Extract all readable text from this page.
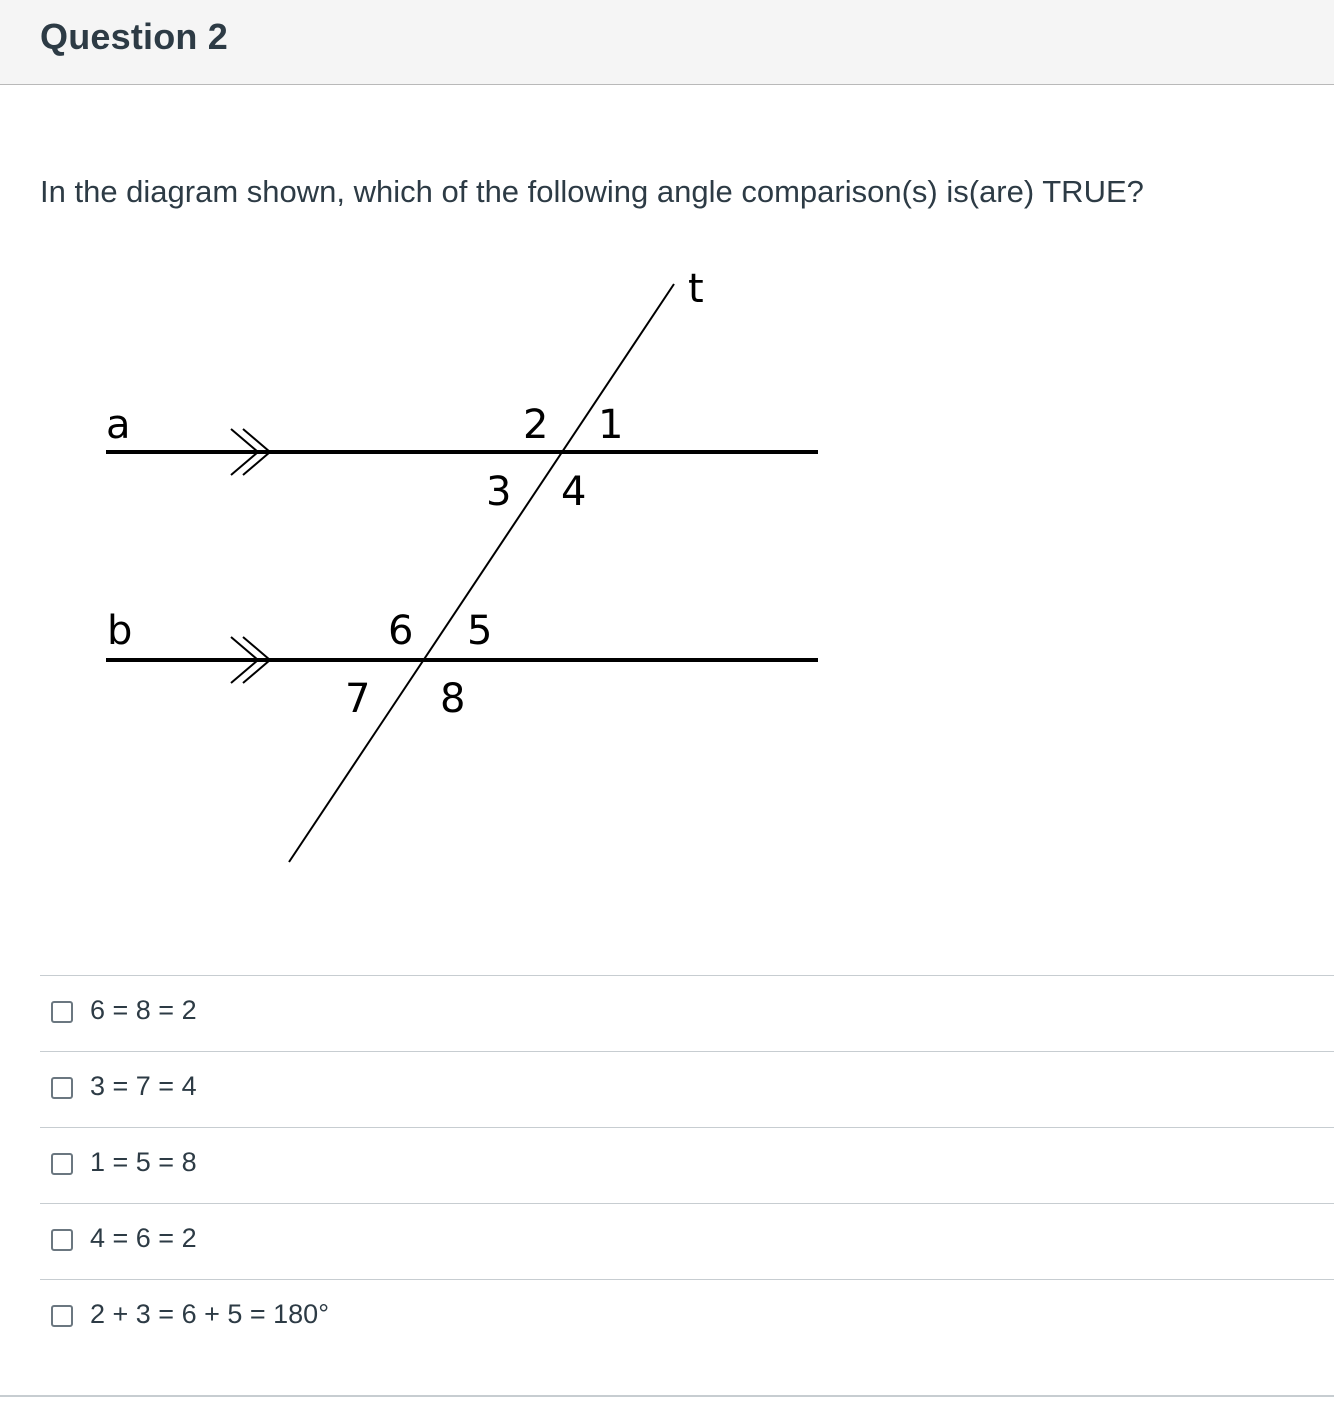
Question 2

In the diagram shown, which of the following angle comparison(s) is(are) TRUE?

a
b
t
2 1
3 4
6 5
7 8
6 = 8 = 2
3 = 7 = 4
1 = 5 = 8
4 = 6 = 2
2 + 3 = 6 + 5 = 180°
